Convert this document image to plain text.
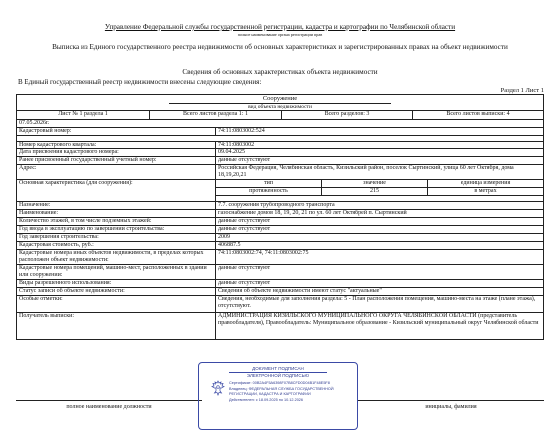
Управление Федеральной службы государственной регистрации, кадастра и картографии по Челябинской области
полное наименование органа регистрации прав
Выписка из Единого государственного реестра недвижимости об основных характеристиках и зарегистрированных правах на объект недвижимости
Сведения об основных характеристиках объекта недвижимости
В Единый государственный реестр недвижимости внесены следующие сведения:
Раздел 1 Лист 1
Сооружение
вид объекта недвижимости
Лист № 1 раздела 1	Всего листов раздела 1: 1	Всего разделов: 3	Всего листов выписки: 4
07.05.2026г.
Кадастровый номер:	74:11:0803002:524
Номер кадастрового квартала:	74:11:0803002
Дата присвоения кадастрового номера:	09.04.2025
Ранее присвоенный государственный учетный номер:	данные отсутствуют
Адрес:	Российская Федерация, Челябинская область, Кизильский район, поселок Сыртинский, улица 60 лет Октября, дома 18,19,20,21
Основная характеристика (для сооружения):	тип	значение	единица измерения
протяженность	215	в метрах
Назначение:	7.7. сооружения трубопроводного транспорта
Наименование:	газоснабжение домов 18, 19, 20, 21 по ул. 60 лет Октябрей п. Сыртинский
Количество этажей, в том числе подземных этажей:	данные отсутствуют
Год ввода в эксплуатацию по завершении строительства:	данные отсутствуют
Год завершения строительства:	2009
Кадастровая стоимость, руб.:	406887.5
Кадастровые номера иных объектов недвижимости, в пределах которых расположен объект недвижимости:
74:11:0803002:74, 74:11:0803002:75
Кадастровые номера помещений, машино-мест, расположенных в здании или сооружении:
данные отсутствуют
Виды разрешенного использования:	данные отсутствуют
Статус записи об объекте недвижимости:	Сведения об объекте недвижимости имеют статус "актуальные"
Особые отметки:	Сведения, необходимые для заполнения раздела: 5 - План расположения помещения, машино-места на этаже (плане этажа), отсутствуют.
Получатель выписки:	АДМИНИСТРАЦИЯ КИЗИЛЬСКОГО МУНИЦИПАЛЬНОГО ОКРУГА ЧЕЛЯБИНСКОЙ ОБЛАСТИ (представитель правообладателя), Правообладатель: Муниципальное образование - Кизильский муниципальный округ Челябинской области
полное наименование должности	инициалы, фамилия
ДОКУМЕНТ ПОДПИСАН
ЭЛЕКТРОННОЙ ПОДПИСЬЮ
Сертификат: 00B2A4F5A6398F07B8CFD0D04B1F48E5F8
Владелец: ФЕДЕРАЛЬНАЯ СЛУЖБА ГОСУДАРСТВЕННОЙ
РЕГИСТРАЦИИ, КАДАСТРА И КАРТОГРАФИИ
Действителен: с 18.09.2025 по 10.12.2026
